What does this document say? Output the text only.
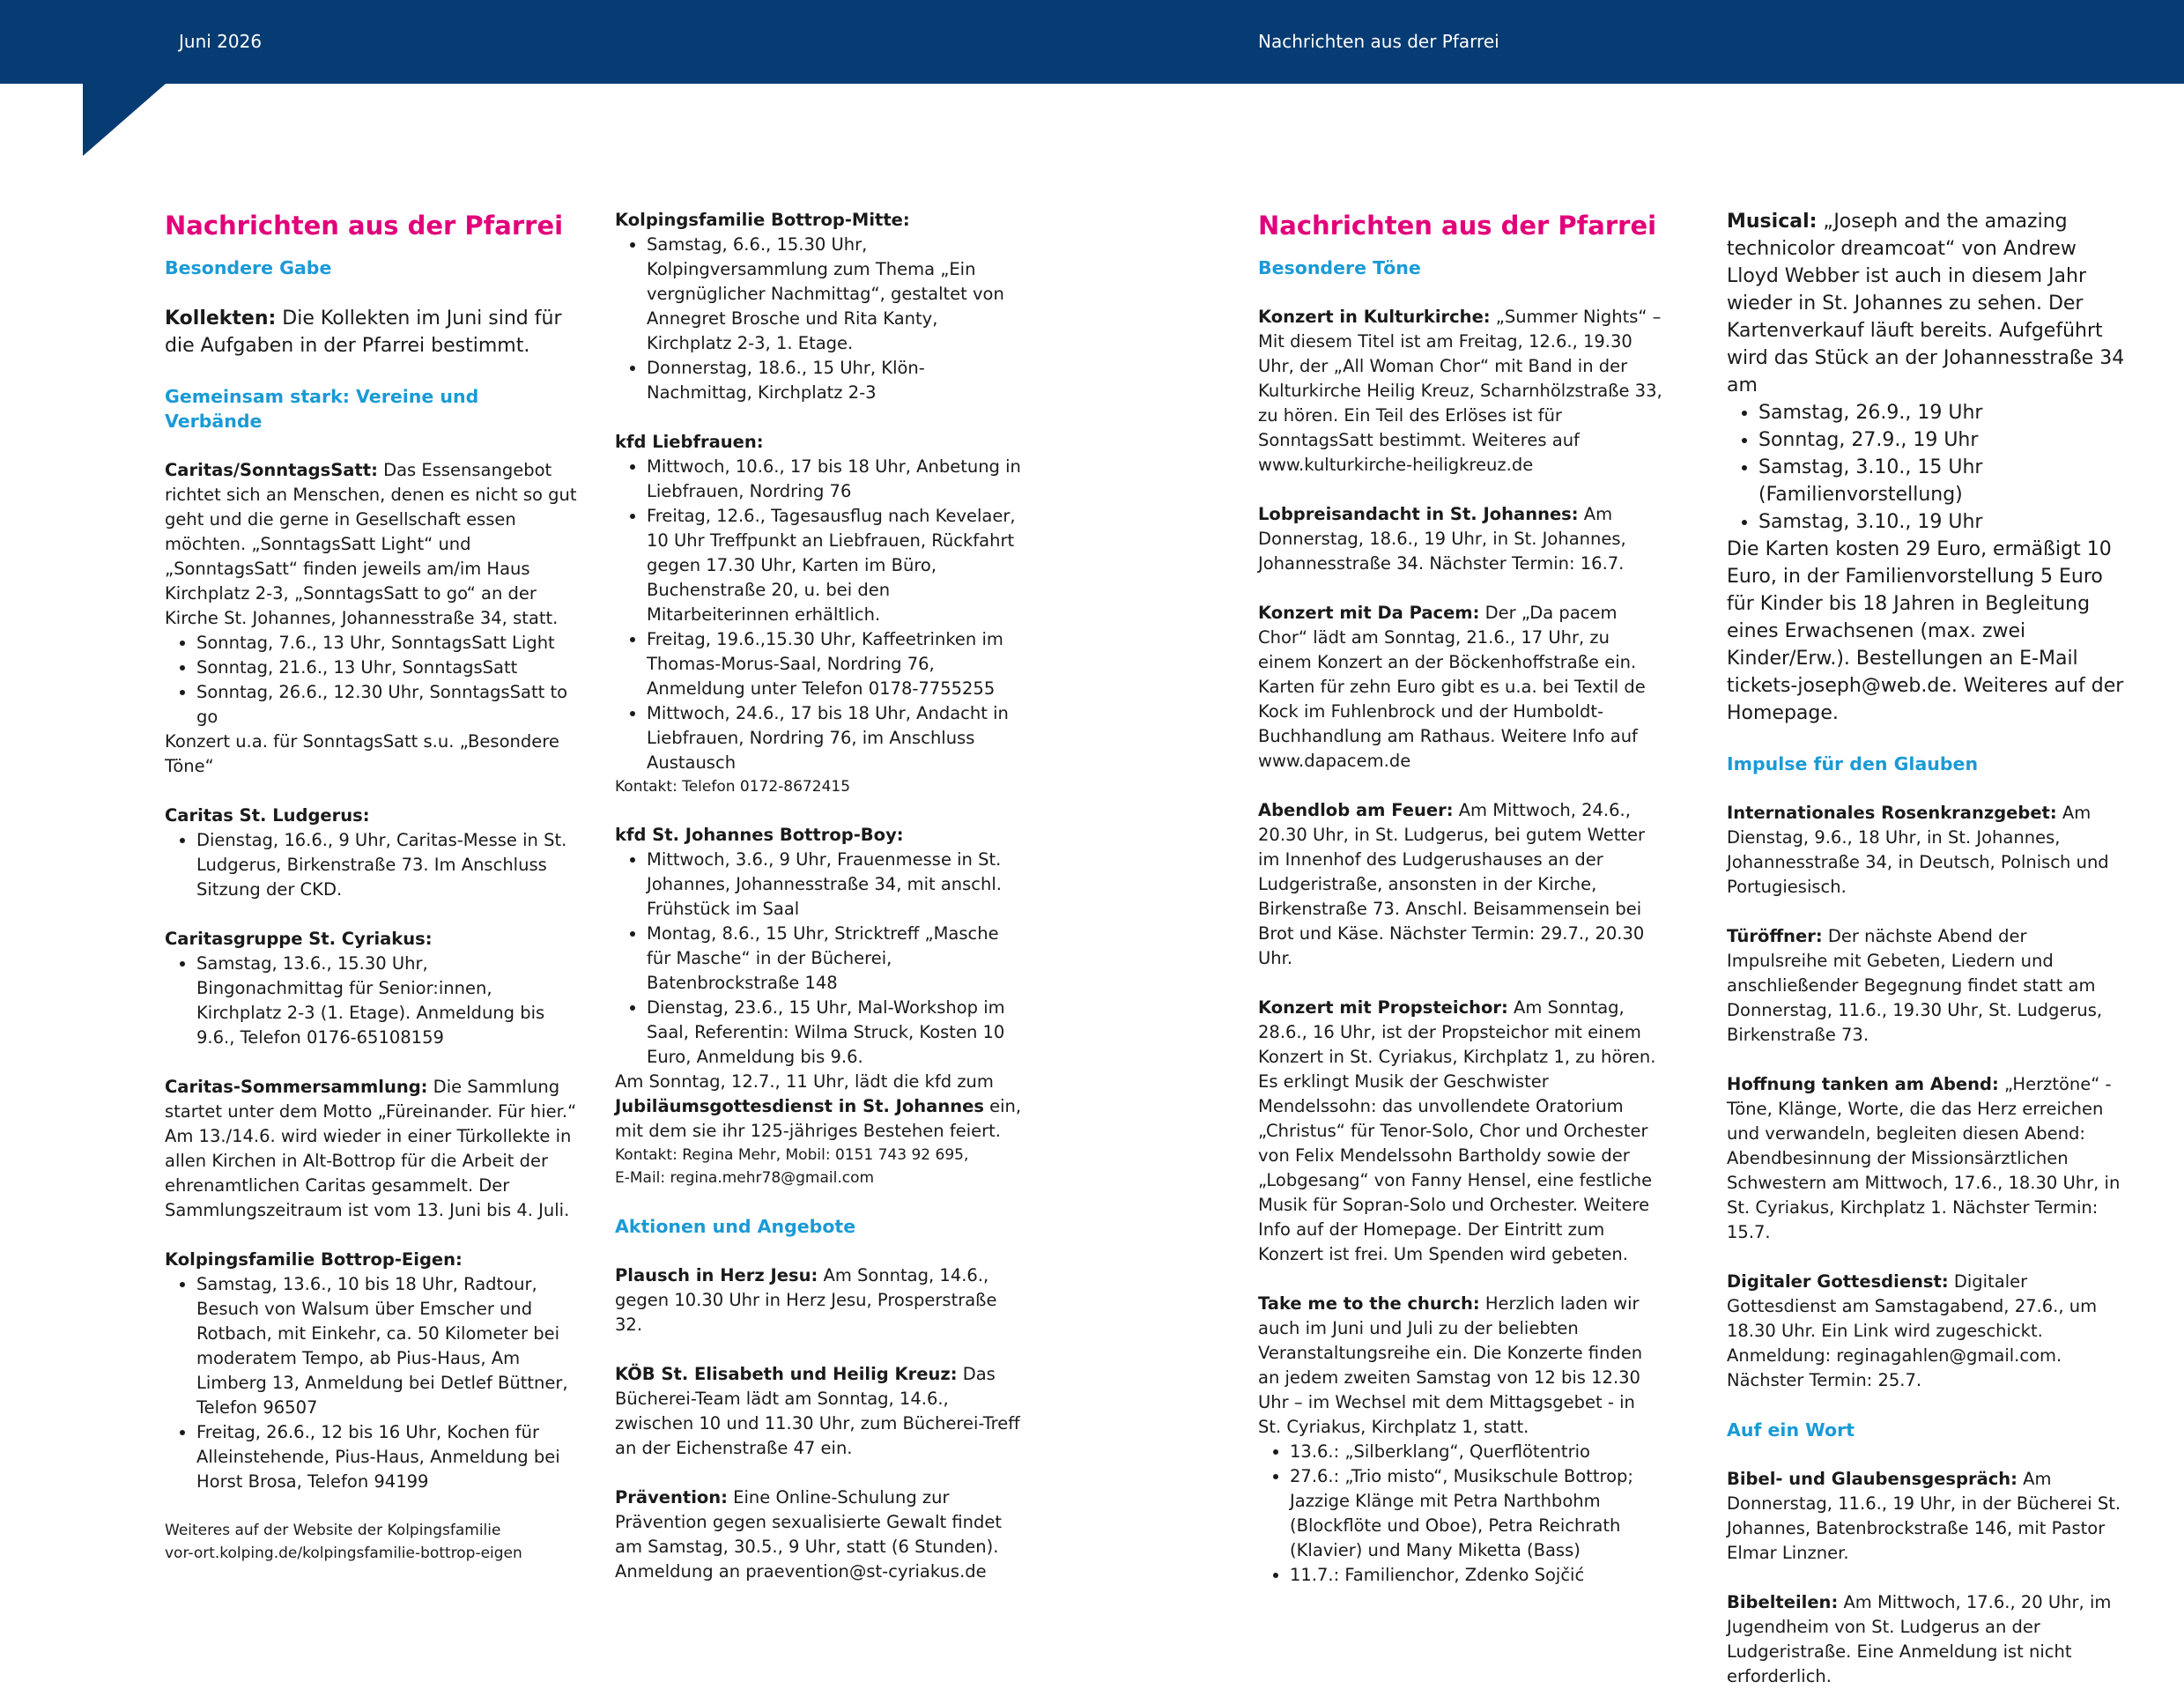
Juni 2026	Nachrichten aus der Pfarrei
Nachrichten aus der Pfarrei
Besondere Gabe
Kollekten: Die Kollekten im Juni sind für die Aufgaben in der Pfarrei bestimmt.
Gemeinsam stark: Vereine und Verbände

Caritas/SonntagsSatt: Das Essensangebot richtet sich an Menschen, denen es nicht so gut geht und die gerne in Gesellschaft essen möchten. „SonntagsSatt Light“ und „SonntagsSatt“ finden jeweils am/im Haus Kirchplatz 2-3, „SonntagsSatt to go“ an der Kirche St. Johannes, Johannesstraße 34, statt.

• Sonntag, 7.6., 13 Uhr, SonntagsSatt Light
• Sonntag, 21.6., 13 Uhr, SonntagsSatt
• Sonntag, 26.6., 12.30 Uhr, SonntagsSatt to go

Konzert u.a. für SonntagsSatt s.u. „Besondere Töne“

Caritas St. Ludgerus:

• Dienstag, 16.6., 9 Uhr, Caritas-Messe in St. Ludgerus, Birkenstraße 73. Im Anschluss Sitzung der CKD.

Caritasgruppe St. Cyriakus:

• Samstag, 13.6., 15.30 Uhr, Bingonachmittag für Senior:innen, Kirchplatz 2-3 (1. Etage). Anmeldung bis 9.6., Telefon 0176-65108159

Caritas-Sommersammlung: Die Sammlung startet unter dem Motto „Füreinander. Für hier.“ Am 13./14.6. wird wieder in einer Türkollekte in allen Kirchen in Alt-Bottrop für die Arbeit der ehrenamtlichen Caritas gesammelt. Der Sammlungszeitraum ist vom 13. Juni bis 4. Juli.

Kolpingsfamilie Bottrop-Eigen:

• Samstag, 13.6., 10 bis 18 Uhr, Radtour, Besuch von Walsum über Emscher und Rotbach, mit Einkehr, ca. 50 Kilometer bei moderatem Tempo, ab Pius-Haus, Am Limberg 13, Anmeldung bei Detlef Büttner, Telefon 96507
• Freitag, 26.6., 12 bis 16 Uhr, Kochen für Alleinstehende, Pius-Haus, Anmeldung bei Horst Brosa, Telefon 94199

Weiteres auf der Website der Kolpingsfamilie

vor-ort.kolping.de/kolpingsfamilie-bottrop-eigen

Kolpingsfamilie Bottrop-Mitte:

• Samstag, 6.6., 15.30 Uhr, Kolpingversammlung zum Thema „Ein vergnüglicher Nachmittag“, gestaltet von Annegret Brosche und Rita Kanty, Kirchplatz 2-3, 1. Etage.
• Donnerstag, 18.6., 15 Uhr, Klön-Nachmittag, Kirchplatz 2-3

kfd Liebfrauen:

• Mittwoch, 10.6., 17 bis 18 Uhr, Anbetung in Liebfrauen, Nordring 76
• Freitag, 12.6., Tagesausflug nach Kevelaer, 10 Uhr Treffpunkt an Liebfrauen, Rückfahrt gegen 17.30 Uhr, Karten im Büro, Buchenstraße 20, u. bei den Mitarbeiterinnen erhältlich.
• Freitag, 19.6.,15.30 Uhr, Kaffeetrinken im Thomas-Morus-Saal, Nordring 76, Anmeldung unter Telefon 0178-7755255
• Mittwoch, 24.6., 17 bis 18 Uhr, Andacht in Liebfrauen, Nordring 76, im Anschluss Austausch

Kontakt: Telefon 0172-8672415

kfd St. Johannes Bottrop-Boy:

• Mittwoch, 3.6., 9 Uhr, Frauenmesse in St. Johannes, Johannesstraße 34, mit anschl. Frühstück im Saal
• Montag, 8.6., 15 Uhr, Stricktreff „Masche für Masche“ in der Bücherei, Batenbrockstraße 148
• Dienstag, 23.6., 15 Uhr, Mal-Workshop im Saal, Referentin: Wilma Struck, Kosten 10 Euro, Anmeldung bis 9.6.

Am Sonntag, 12.7., 11 Uhr, lädt die kfd zum Jubiläumsgottesdienst in St. Johannes ein, mit dem sie ihr 125-jähriges Bestehen feiert.

Kontakt: Regina Mehr, Mobil: 0151 743 92 695,

E-Mail: regina.mehr78@gmail.com

Aktionen und Angebote

Plausch in Herz Jesu: Am Sonntag, 14.6., gegen 10.30 Uhr in Herz Jesu, Prosperstraße 32.

KÖB St. Elisabeth und Heilig Kreuz: Das Bücherei-Team lädt am Sonntag, 14.6., zwischen 10 und 11.30 Uhr, zum Bücherei-Treff an der Eichenstraße 47 ein.

Prävention: Eine Online-Schulung zur Prävention gegen sexualisierte Gewalt findet am Samstag, 30.5., 9 Uhr, statt (6 Stunden). Anmeldung an praevention@st-cyriakus.de

Nachrichten aus der Pfarrei
Besondere Töne

Konzert in Kulturkirche: „Summer Nights“ – Mit diesem Titel ist am Freitag, 12.6., 19.30 Uhr, der „All Woman Chor“ mit Band in der Kulturkirche Heilig Kreuz, Scharnhölzstraße 33, zu hören. Ein Teil des Erlöses ist für SonntagsSatt bestimmt. Weiteres auf www.kulturkirche-heiligkreuz.de

Lobpreisandacht in St. Johannes: Am Donnerstag, 18.6., 19 Uhr, in St. Johannes, Johannesstraße 34. Nächster Termin: 16.7.

Konzert mit Da Pacem: Der „Da pacem Chor“ lädt am Sonntag, 21.6., 17 Uhr, zu einem Konzert an der Böckenhoffstraße ein. Karten für zehn Euro gibt es u.a. bei Textil de Kock im Fuhlenbrock und der Humboldt-Buchhandlung am Rathaus. Weitere Info auf www.dapacem.de

Abendlob am Feuer: Am Mittwoch, 24.6., 20.30 Uhr, in St. Ludgerus, bei gutem Wetter im Innenhof des Ludgerushauses an der Ludgeristraße, ansonsten in der Kirche, Birkenstraße 73. Anschl. Beisammensein bei Brot und Käse. Nächster Termin: 29.7., 20.30 Uhr.

Konzert mit Propsteichor: Am Sonntag, 28.6., 16 Uhr, ist der Propsteichor mit einem Konzert in St. Cyriakus, Kirchplatz 1, zu hören. Es erklingt Musik der Geschwister Mendelssohn: das unvollendete Oratorium „Christus“ für Tenor-Solo, Chor und Orchester von Felix Mendelssohn Bartholdy sowie der „Lobgesang“ von Fanny Hensel, eine festliche Musik für Sopran-Solo und Orchester. Weitere Info auf der Homepage. Der Eintritt zum Konzert ist frei. Um Spenden wird gebeten.

Take me to the church: Herzlich laden wir auch im Juni und Juli zu der beliebten Veranstaltungsreihe ein. Die Konzerte finden an jedem zweiten Samstag von 12 bis 12.30 Uhr – im Wechsel mit dem Mittagsgebet - in St. Cyriakus, Kirchplatz 1, statt.

• 13.6.: „Silberklang“, Querflötentrio
• 27.6.: „Trio misto“, Musikschule Bottrop; Jazzige Klänge mit Petra Narthbohm (Blockflöte und Oboe), Petra Reichrath (Klavier) und Many Miketta (Bass)
• 11.7.: Familienchor, Zdenko Sojčić

Musical: „Joseph and the amazing technicolor dreamcoat“ von Andrew Lloyd Webber ist auch in diesem Jahr wieder in St. Johannes zu sehen. Der Kartenverkauf läuft bereits. Aufgeführt wird das Stück an der Johannesstraße 34 am

• Samstag, 26.9., 19 Uhr
• Sonntag, 27.9., 19 Uhr
• Samstag, 3.10., 15 Uhr (Familienvorstellung)
• Samstag, 3.10., 19 Uhr

Die Karten kosten 29 Euro, ermäßigt 10 Euro, in der Familienvorstellung 5 Euro für Kinder bis 18 Jahren in Begleitung eines Erwachsenen (max. zwei Kinder/Erw.). Bestellungen an E-Mail tickets-joseph@web.de. Weiteres auf der Homepage.

Impulse für den Glauben

Internationales Rosenkranzgebet: Am Dienstag, 9.6., 18 Uhr, in St. Johannes, Johannesstraße 34, in Deutsch, Polnisch und Portugiesisch.

Türöffner: Der nächste Abend der Impulsreihe mit Gebeten, Liedern und anschließender Begegnung findet statt am Donnerstag, 11.6., 19.30 Uhr, St. Ludgerus, Birkenstraße 73.

Hoffnung tanken am Abend: „Herztöne“ - Töne, Klänge, Worte, die das Herz erreichen und verwandeln, begleiten diesen Abend: Abendbesinnung der Missionsärztlichen Schwestern am Mittwoch, 17.6., 18.30 Uhr, in St. Cyriakus, Kirchplatz 1. Nächster Termin: 15.7.

Digitaler Gottesdienst: Digitaler Gottesdienst am Samstagabend, 27.6., um 18.30 Uhr. Ein Link wird zugeschickt. Anmeldung: reginagahlen@gmail.com. Nächster Termin: 25.7.

Auf ein Wort

Bibel- und Glaubensgespräch: Am Donnerstag, 11.6., 19 Uhr, in der Bücherei St. Johannes, Batenbrockstraße 146, mit Pastor Elmar Linzner.

Bibelteilen: Am Mittwoch, 17.6., 20 Uhr, im Jugendheim von St. Ludgerus an der Ludgeristraße. Eine Anmeldung ist nicht erforderlich.
